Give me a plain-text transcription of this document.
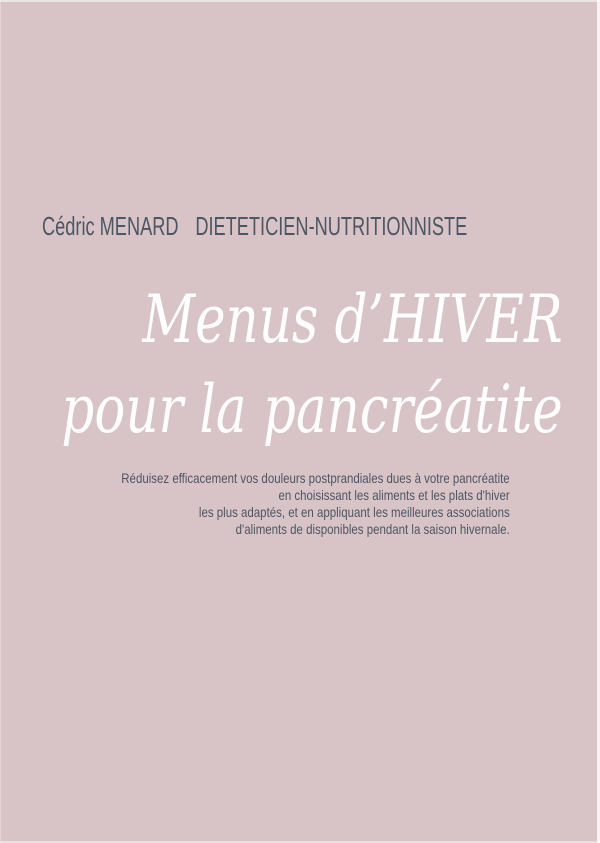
Cédric MENARD DIETETICIEN-NUTRITIONNISTE
Menus d’HIVER
pour la pancréatite
Réduisez efficacement vos douleurs postprandiales dues à votre pancréatite
en choisissant les aliments et les plats d'hiver
les plus adaptés, et en appliquant les meilleures associations
d'aliments de disponibles pendant la saison hivernale.
